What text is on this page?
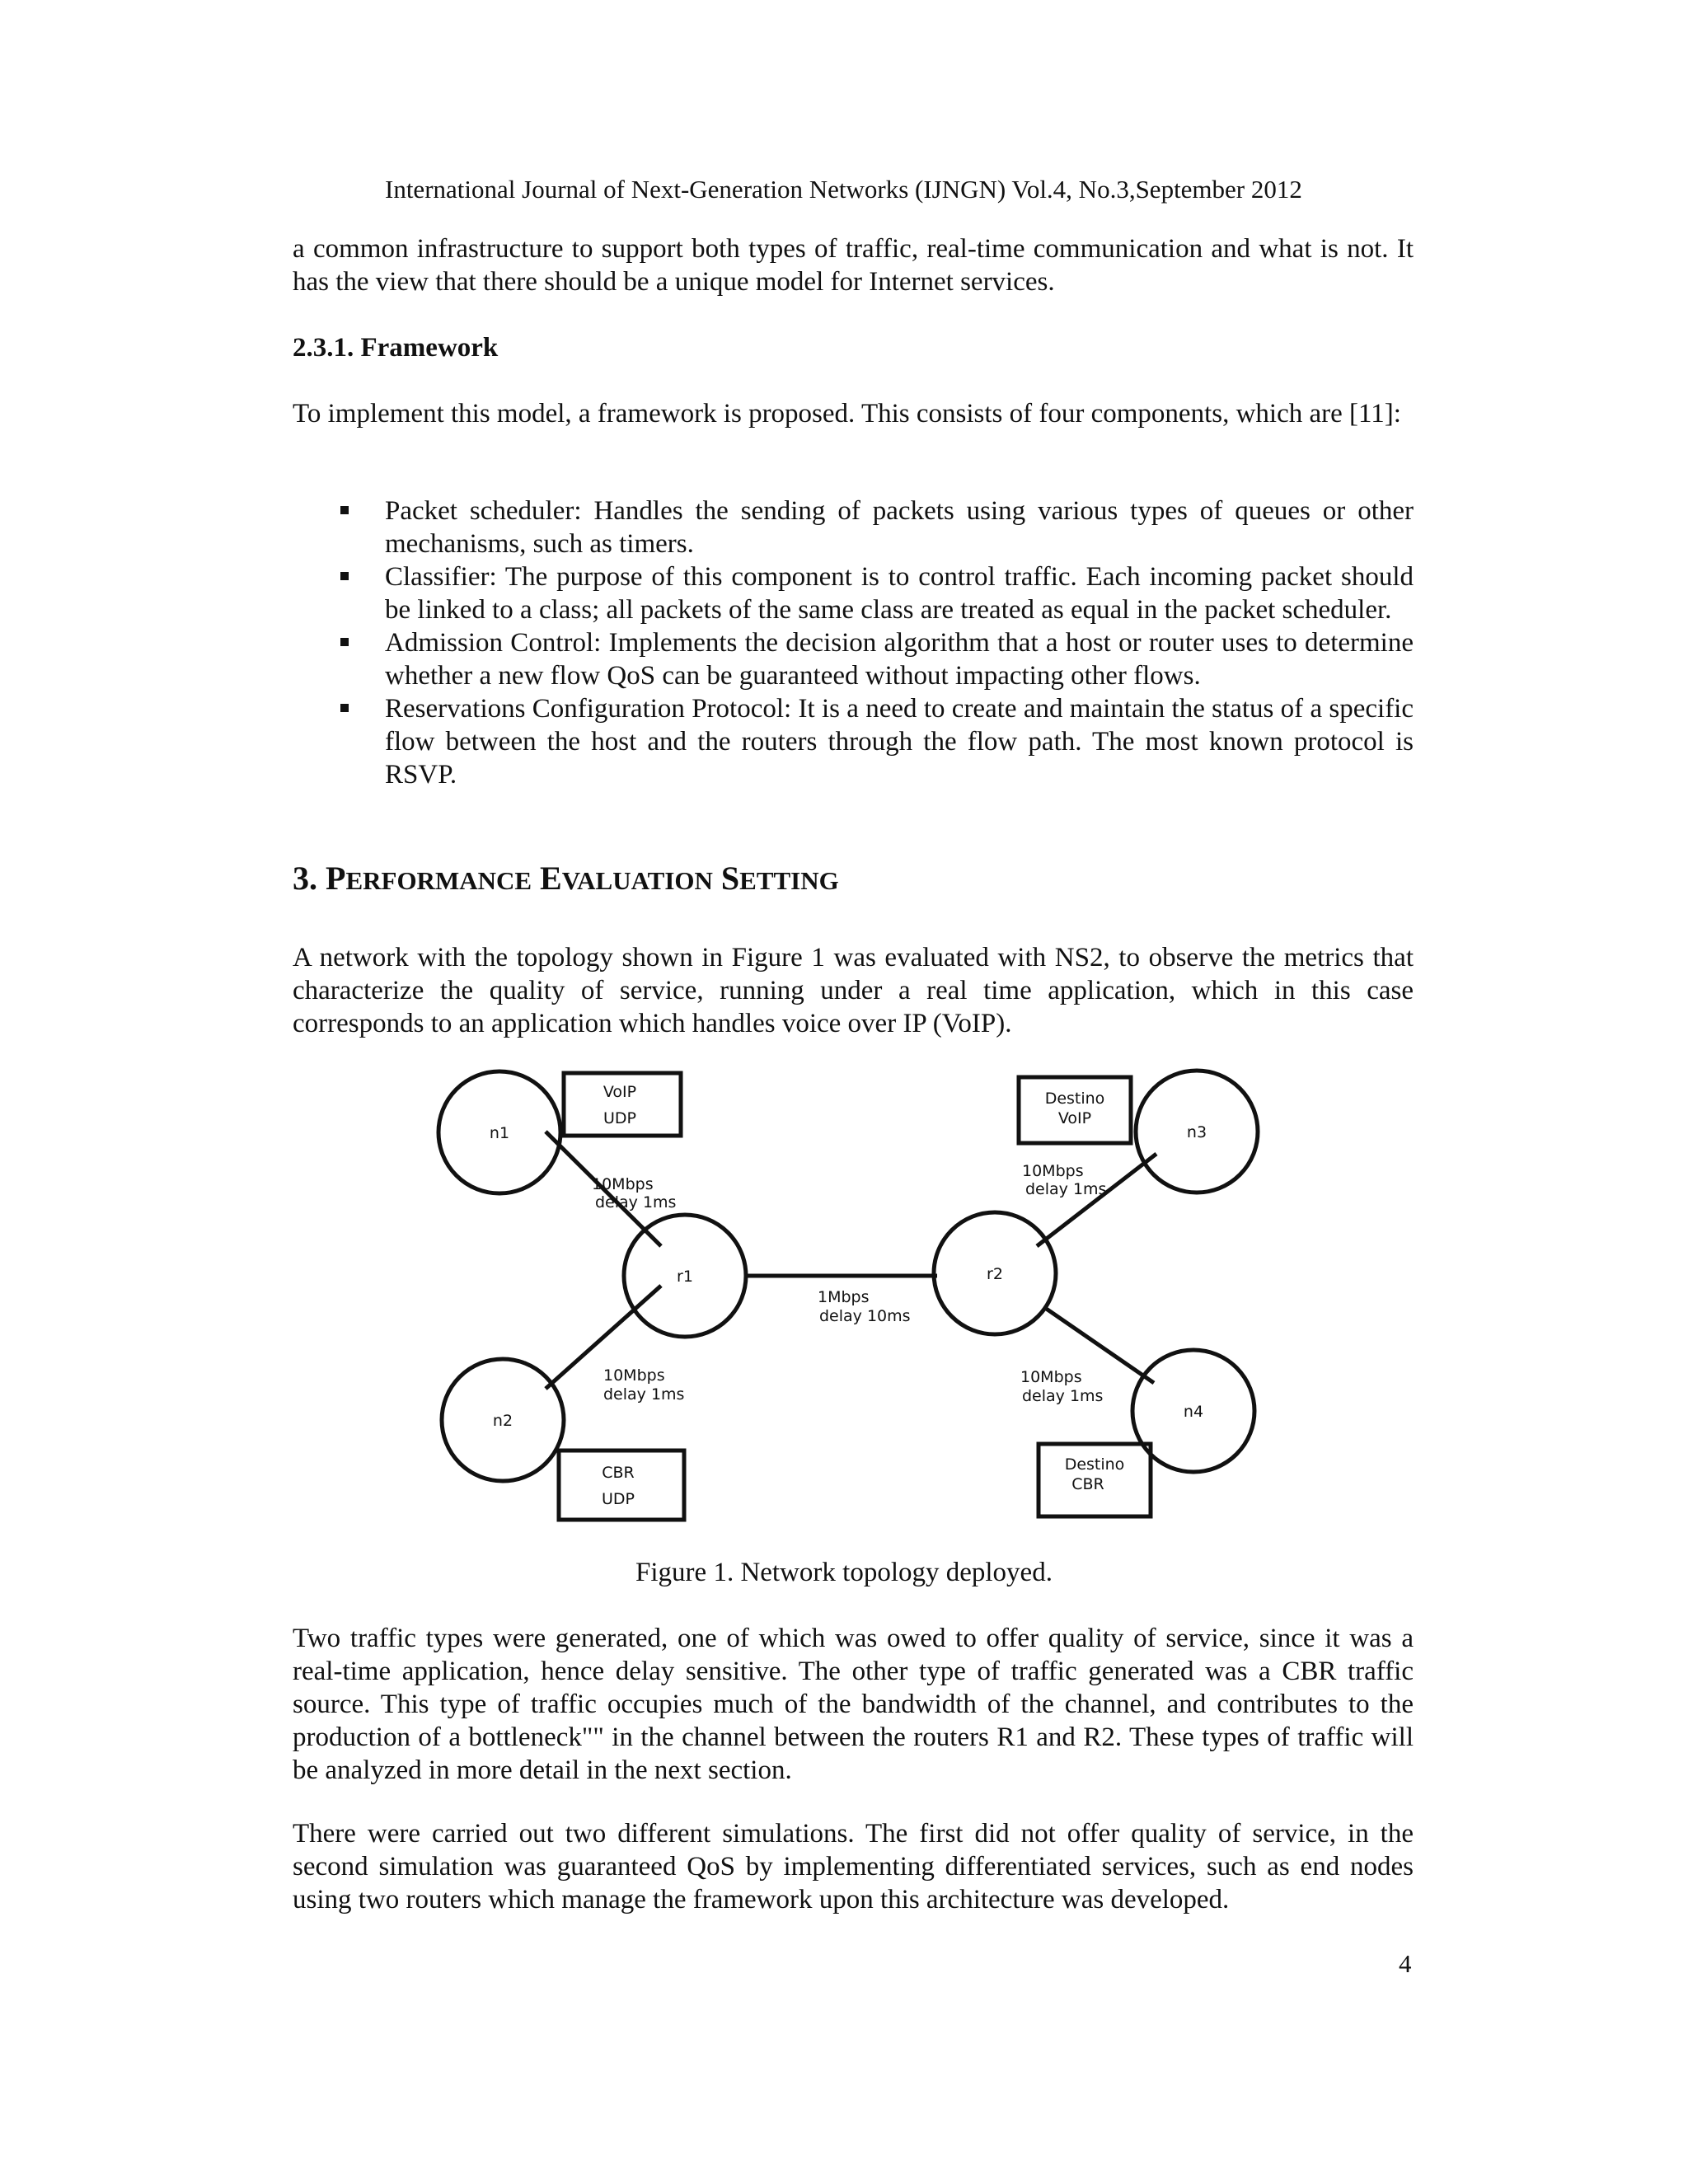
International Journal of Next-Generation Networks (IJNGN) Vol.4, No.3,September 2012

a common infrastructure to support both types of traffic, real-time communication and what is not. It has the view that there should be a unique model for Internet services.

2.3.1. Framework

To implement this model, a framework is proposed. This consists of four components, which are [11]:

Packet scheduler: Handles the sending of packets using various types of queues or other mechanisms, such as timers.
Classifier: The purpose of this component is to control traffic. Each incoming packet should be linked to a class; all packets of the same class are treated as equal in the packet scheduler.
Admission Control: Implements the decision algorithm that a host or router uses to determine whether a new flow QoS can be guaranteed without impacting other flows.
Reservations Configuration Protocol: It is a need to create and maintain the status of a specific flow between the host and the routers through the flow path. The most known protocol is RSVP.
3. PERFORMANCE EVALUATION SETTING

A network with the topology shown in Figure 1 was evaluated with NS2, to observe the metrics that characterize the quality of service, running under a real time application, which in this case corresponds to an application which handles voice over IP (VoIP).

n1
n2
r1	r2
n3
n4
VoIP
UDP
CBR
UDP
Destino
VoIP
Destino
CBR
10Mbps
delay 1ms
10Mbps
delay 1ms
1Mbps
delay 10ms
10Mbps
delay 1ms
10Mbps
delay 1ms

Figure 1. Network topology deployed.

Two traffic types were generated, one of which was owed to offer quality of service, since it was a real-time application, hence delay sensitive. The other type of traffic generated was a CBR traffic source. This type of traffic occupies much of the bandwidth of the channel, and contributes to the production of a bottleneck"" in the channel between the routers R1 and R2. These types of traffic will be analyzed in more detail in the next section.

There were carried out two different simulations. The first did not offer quality of service, in the second simulation was guaranteed QoS by implementing differentiated services, such as end nodes using two routers which manage the framework upon this architecture was developed.

4
